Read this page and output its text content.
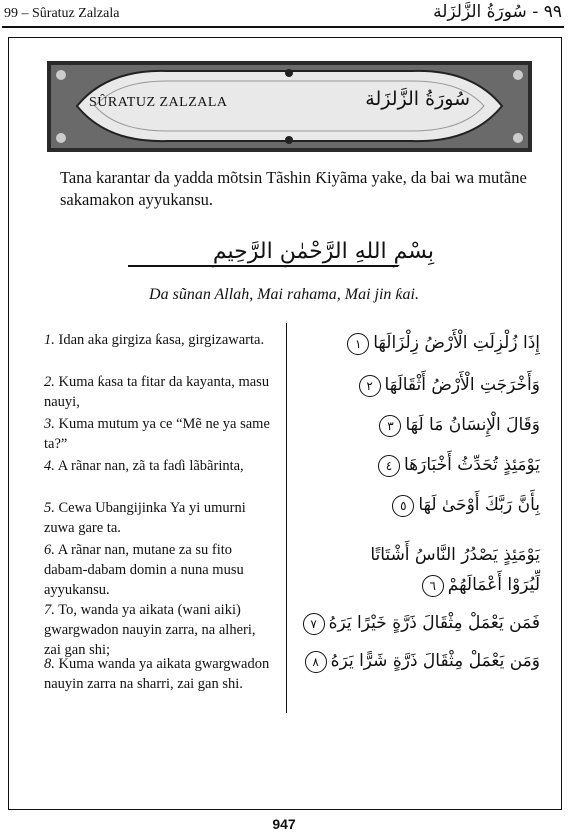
99 – Sûratuz Zalzala	٩٩ - سُورَةُ الزَّلزَلة
SÛRATUZ ZALZALA	سُورَةُ الزَّلزَلة
Tana karantar da yadda mõtsin Tãshin Ƙiyãma yake, da bai wa mutãne sakamakon ayyukansu.
بِسْمِ اللهِ الرَّحْمٰنِ الرَّحِيمِ
Da sũnan Allah, Mai rahama, Mai jin ƙai.
1. Idan aka girgiza ƙasa, girgizawarta.
2. Kuma ƙasa ta fitar da kayanta, masu nauyi,
3. Kuma mutum ya ce “Mẽ ne ya same ta?”
4. A rãnar nan, zã ta faɗi lãbãrinta,
5. Cewa Ubangijinka Ya yi umurni zuwa gare ta.
6. A rãnar nan, mutane za su fito dabam-dabam domin a nuna musu ayyukansu.
7. To, wanda ya aikata (wani aiki) gwargwadon nauyin zarra, na alheri, zai gan shi;
8. Kuma wanda ya aikata gwargwadon nauyin zarra na sharri, zai gan shi.
إِذَا زُلْزِلَتِ الْأَرْضُ زِلْزَالَهَا١
وَأَخْرَجَتِ الْأَرْضُ أَثْقَالَهَا٢
وَقَالَ الْإِنسَانُ مَا لَهَا٣
يَوْمَئِذٍ تُحَدِّثُ أَخْبَارَهَا٤
بِأَنَّ رَبَّكَ أَوْحَىٰ لَهَا٥
يَوْمَئِذٍ يَصْدُرُ النَّاسُ أَشْتَاتًا
لِّيُرَوْا أَعْمَالَهُمْ٦
فَمَن يَعْمَلْ مِثْقَالَ ذَرَّةٍ خَيْرًا يَرَهُ٧
وَمَن يَعْمَلْ مِثْقَالَ ذَرَّةٍ شَرًّا يَرَهُ٨
947
